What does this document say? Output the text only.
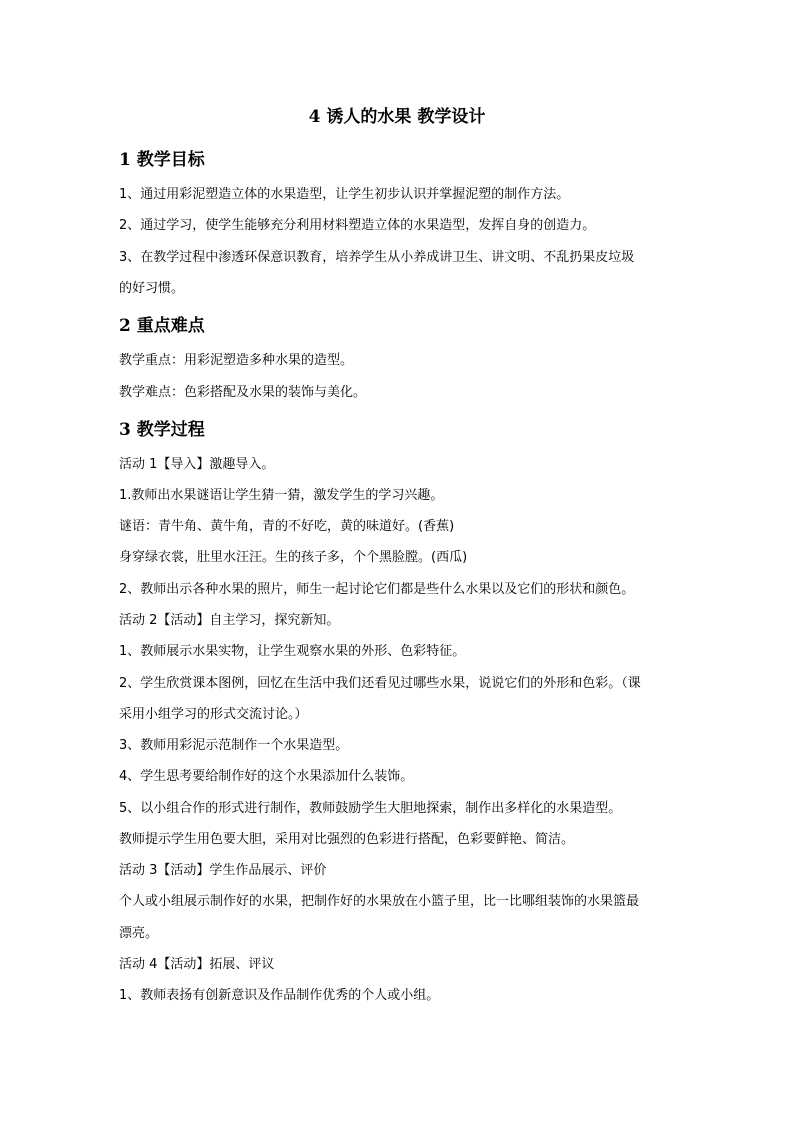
4 诱人的水果 教学设计
1 教学目标
1、通过用彩泥塑造立体的水果造型，让学生初步认识并掌握泥塑的制作方法。
2、通过学习，使学生能够充分利用材料塑造立体的水果造型，发挥自身的创造力。
3、在教学过程中渗透环保意识教育，培养学生从小养成讲卫生、讲文明、不乱扔果皮垃圾
的好习惯。
2 重点难点
教学重点：用彩泥塑造多种水果的造型。
教学难点：色彩搭配及水果的装饰与美化。
3 教学过程
活动 1【导入】激趣导入。
1.教师出水果谜语让学生猜一猜，激发学生的学习兴趣。
谜语：青牛角、黄牛角，青的不好吃，黄的味道好。(香蕉)
身穿绿衣裳，肚里水汪汪。生的孩子多，个个黑脸膛。(西瓜)
2、教师出示各种水果的照片，师生一起讨论它们都是些什么水果以及它们的形状和颜色。
活动 2【活动】自主学习，探究新知。
1、教师展示水果实物，让学生观察水果的外形、色彩特征。
2、学生欣赏课本图例，回忆在生活中我们还看见过哪些水果，说说它们的外形和色彩。（课
采用小组学习的形式交流讨论。）
3、教师用彩泥示范制作一个水果造型。
4、学生思考要给制作好的这个水果添加什么装饰。
5、以小组合作的形式进行制作，教师鼓励学生大胆地探索，制作出多样化的水果造型。
教师提示学生用色要大胆，采用对比强烈的色彩进行搭配，色彩要鲜艳、简洁。
活动 3【活动】学生作品展示、评价
个人或小组展示制作好的水果，把制作好的水果放在小篮子里，比一比哪组装饰的水果篮最
漂亮。
活动 4【活动】拓展、评议
1、教师表扬有创新意识及作品制作优秀的个人或小组。
